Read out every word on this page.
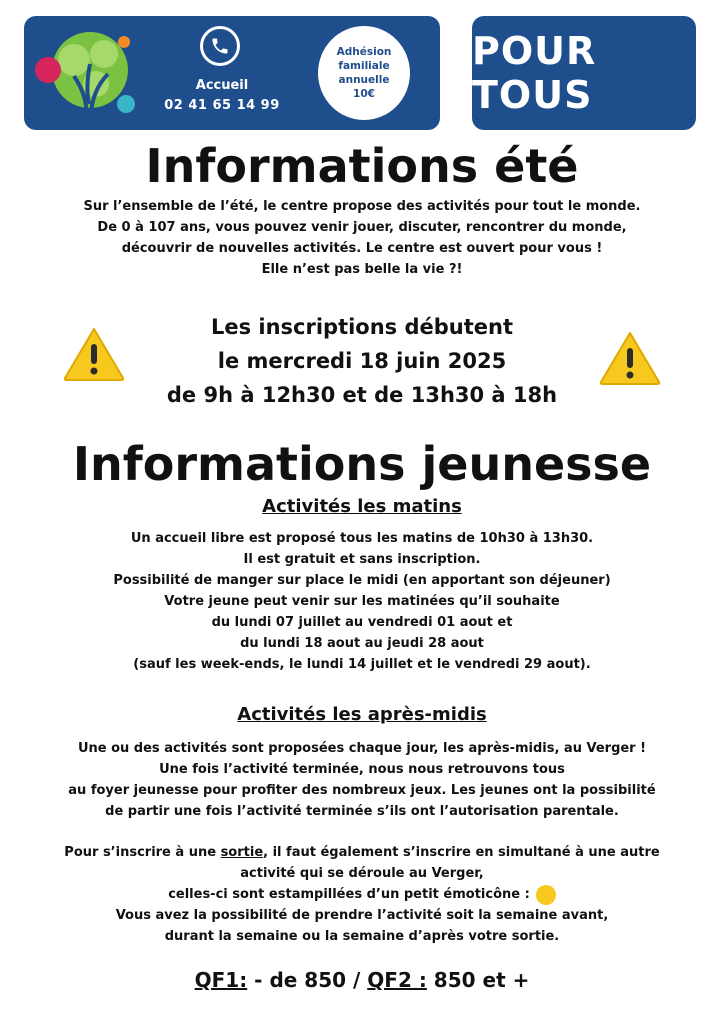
Accueil
02 41 65 14 99
Adhésion
familiale
annuelle
10€
POUR TOUS
Informations été
Sur l’ensemble de l’été, le centre propose des activités pour tout le monde.
De 0 à 107 ans, vous pouvez venir jouer, discuter, rencontrer du monde,
découvrir de nouvelles activités. Le centre est ouvert pour vous !
Elle n’est pas belle la vie ?!
Les inscriptions débutent
le mercredi 18 juin 2025
de 9h à 12h30 et de 13h30 à 18h
Informations jeunesse
Activités les matins
Un accueil libre est proposé tous les matins de 10h30 à 13h30.
Il est gratuit et sans inscription.
Possibilité de manger sur place le midi (en apportant son déjeuner)
Votre jeune peut venir sur les matinées qu’il souhaite
du lundi 07 juillet au vendredi 01 aout et
du lundi 18 aout au jeudi 28 aout
(sauf les week-ends, le lundi 14 juillet et le vendredi 29 aout).
Activités les après-midis
Une ou des activités sont proposées chaque jour, les après-midis, au Verger !
Une fois l’activité terminée, nous nous retrouvons tous
au foyer jeunesse pour profiter des nombreux jeux. Les jeunes ont la possibilité
de partir une fois l’activité terminée s’ils ont l’autorisation parentale.
Pour s’inscrire à une sortie, il faut également s’inscrire en simultané à une autre
activité qui se déroule au Verger,
celles-ci sont estampillées d’un petit émoticône :
Vous avez la possibilité de prendre l’activité soit la semaine avant,
durant la semaine ou la semaine d’après votre sortie.
QF1: - de 850 / QF2 : 850 et +
